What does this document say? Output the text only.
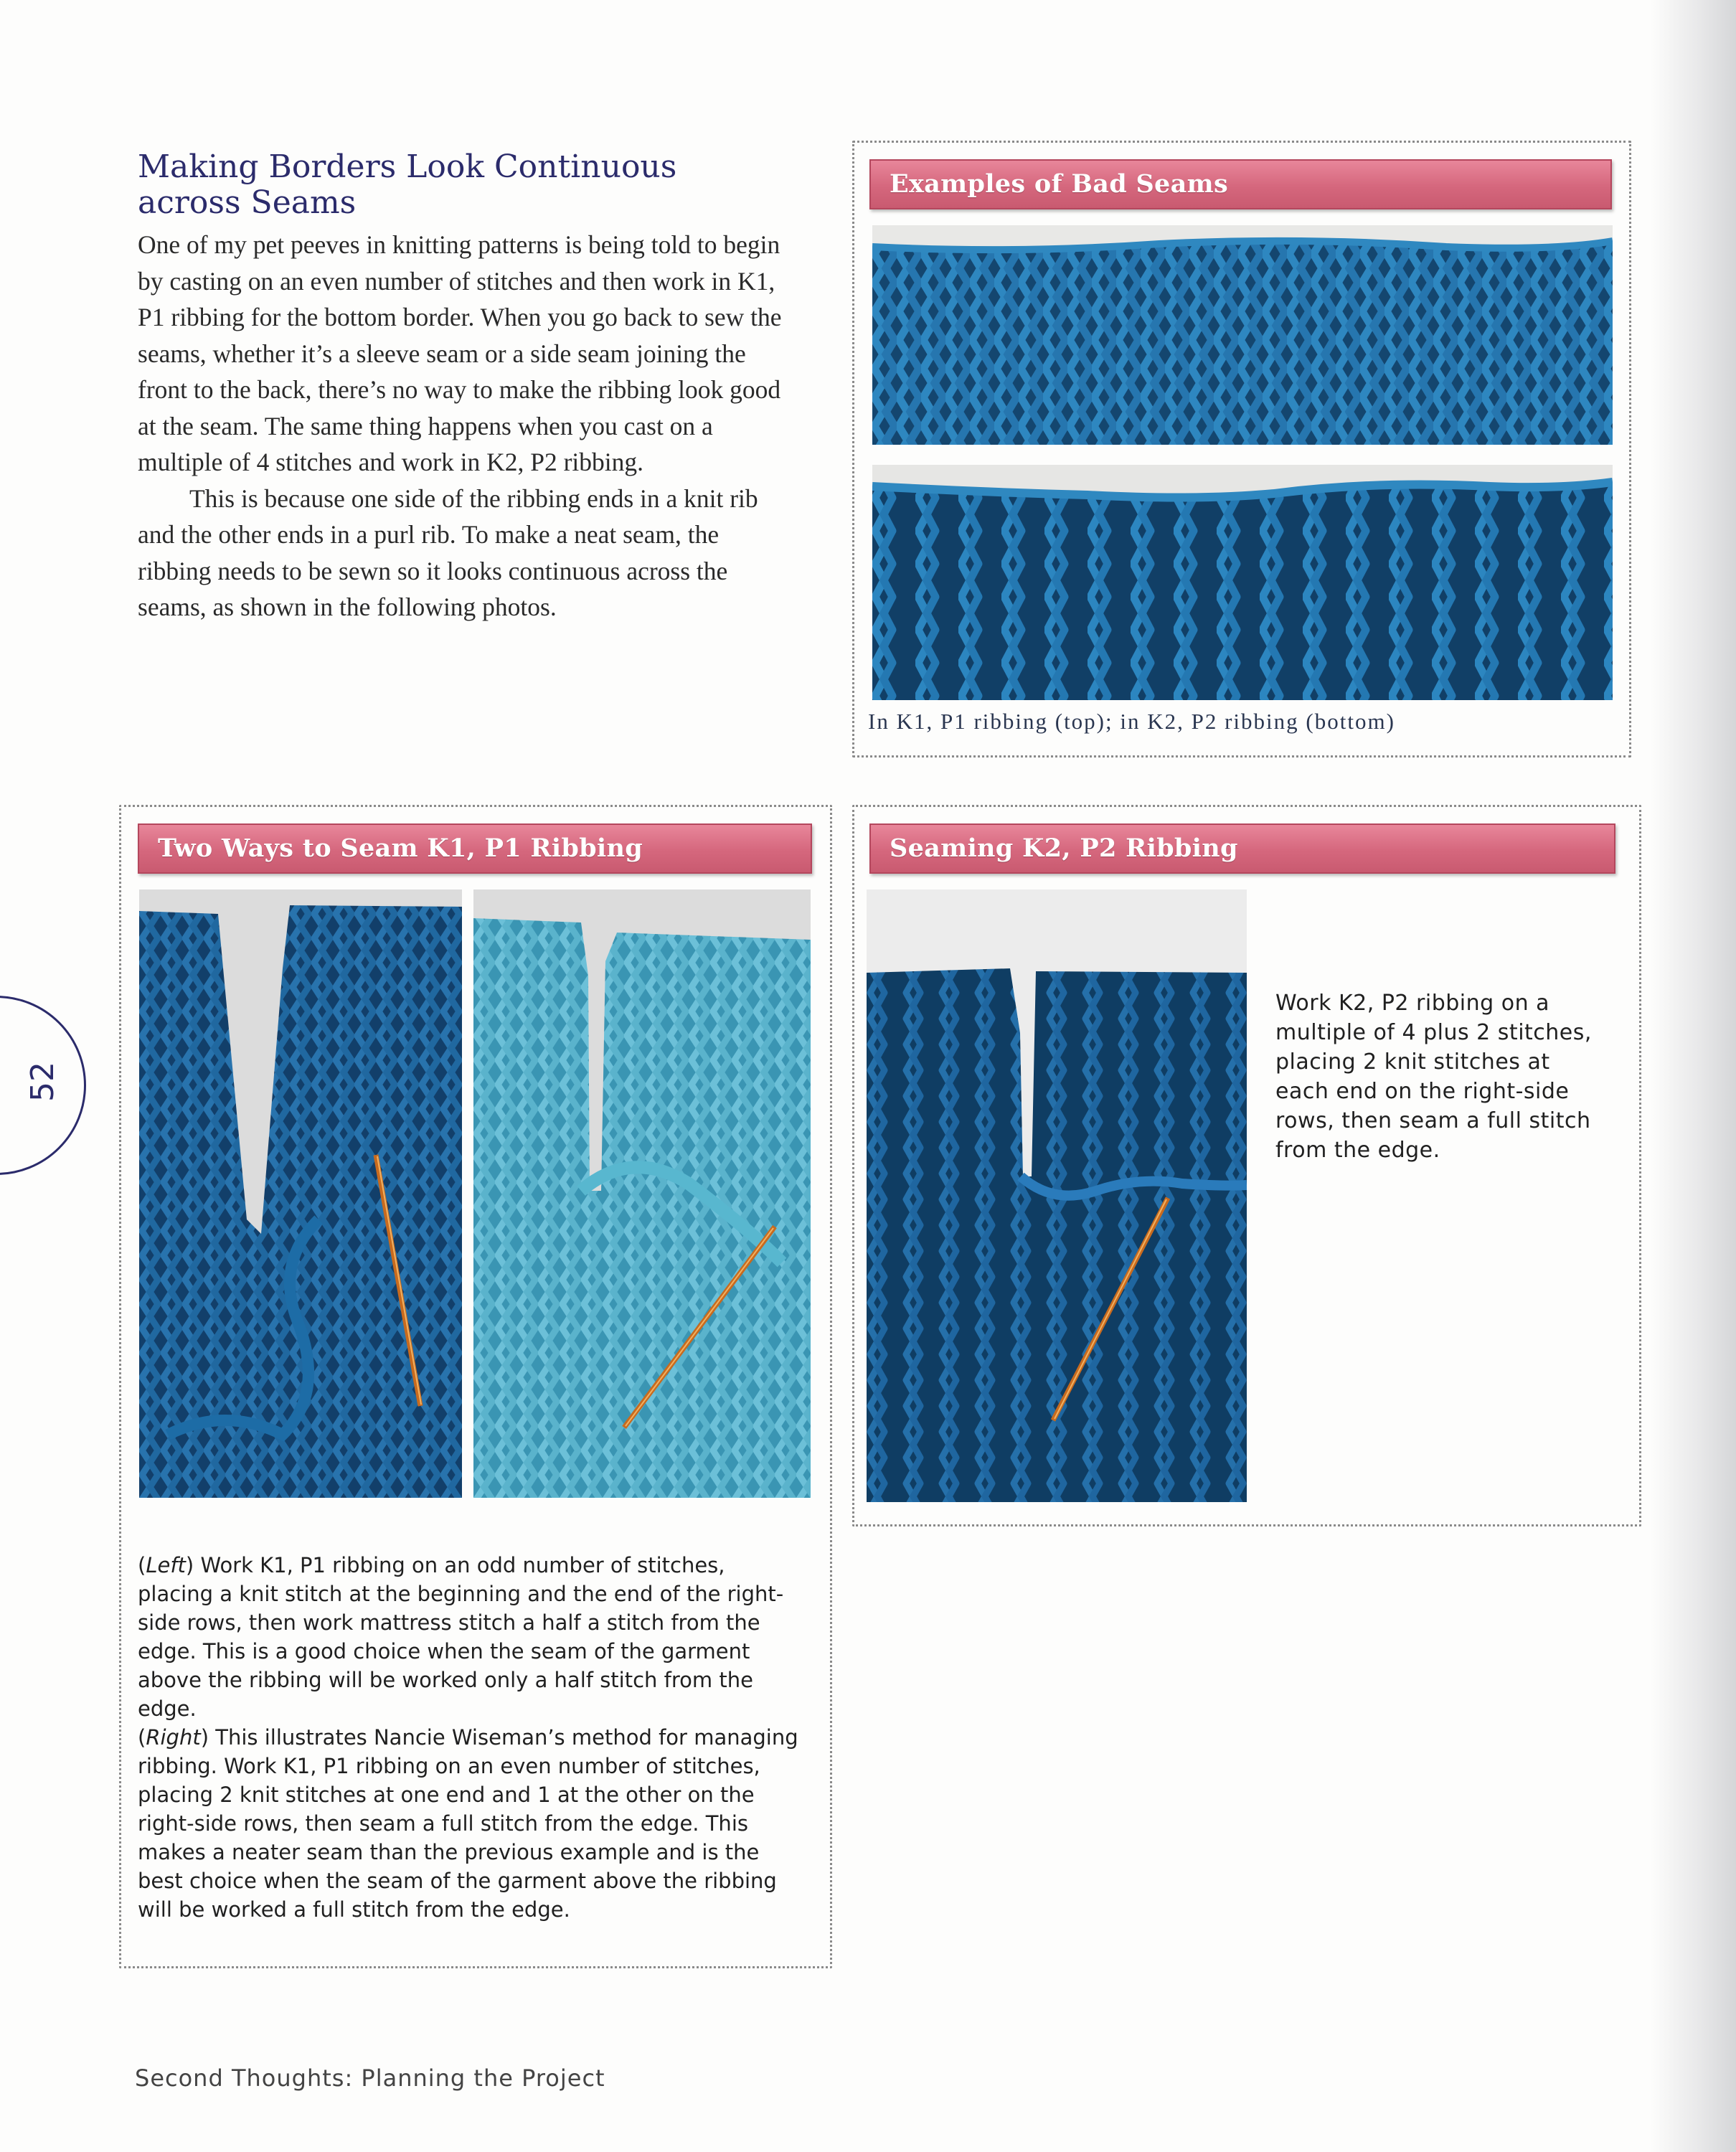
Making Borders Look Continuous
across Seams

One of my pet peeves in knitting patterns is being told to begin by casting on an even number of stitches and then work in K1, P1 ribbing for the bottom border. When you go back to sew the seams, whether it’s a sleeve seam or a side seam joining the front to the back, there’s no way to make the ribbing look good at the seam. The same thing happens when you cast on a multiple of 4 stitches and work in K2, P2 ribbing.

This is because one side of the ribbing ends in a knit rib and the other ends in a purl rib. To make a neat seam, the ribbing needs to be sewn so it looks continuous across the seams, as shown in the following photos.

Examples of Bad Seams
In K1, P1 ribbing (top); in K2, P2 ribbing (bottom)
Two Ways to Seam K1, P1 Ribbing

(Left) Work K1, P1 ribbing on an odd number of stitches, placing a knit stitch at the beginning and the end of the right-side rows, then work mattress stitch a half a stitch from the edge. This is a good choice when the seam of the garment above the ribbing will be worked only a half stitch from the edge.

(Right) This illustrates Nancie Wiseman’s method for managing ribbing. Work K1, P1 ribbing on an even number of stitches, placing 2 knit stitches at one end and 1 at the other on the right-side rows, then seam a full stitch from the edge. This makes a neater seam than the previous example and is the best choice when the seam of the garment above the ribbing will be worked a full stitch from the edge.

Seaming K2, P2 Ribbing
Work K2, P2 ribbing on a multiple of 4 plus 2 stitches, placing 2 knit stitches at each end on the right-side rows, then seam a full stitch from the edge.
52
Second Thoughts: Planning the Project
